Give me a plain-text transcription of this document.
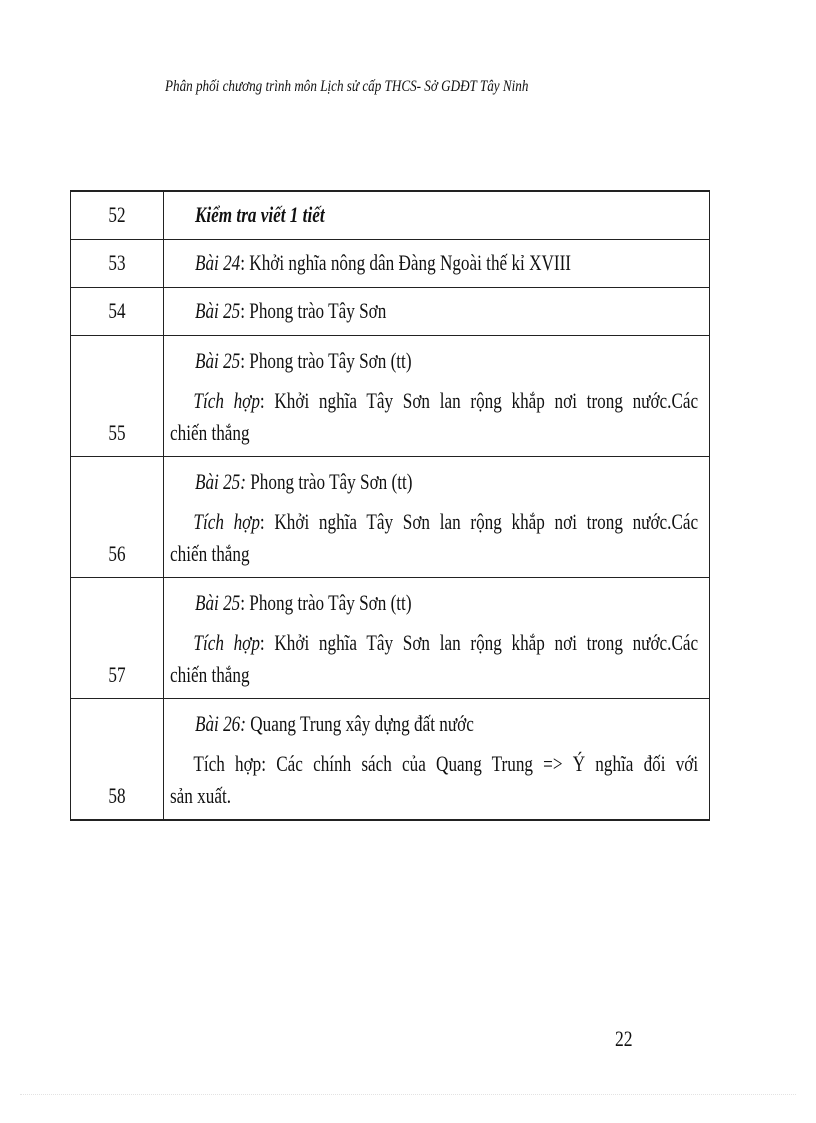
Phân phối chương trình môn Lịch sử cấp THCS- Sở GDĐT Tây Ninh
52	Kiểm tra viết 1 tiết

53	Bài 24: Khởi nghĩa nông dân Đàng Ngoài thế kỉ XVIII

54	Bài 25: Phong trào Tây Sơn

55	Bài 25: Phong trào Tây Sơn (tt)
Tích hợp: Khởi nghĩa Tây Sơn lan rộng khắp nơi trong nước.Các
chiến thắng

56	Bài 25: Phong trào Tây Sơn (tt)
Tích hợp: Khởi nghĩa Tây Sơn lan rộng khắp nơi trong nước.Các
chiến thắng

57	Bài 25: Phong trào Tây Sơn (tt)
Tích hợp: Khởi nghĩa Tây Sơn lan rộng khắp nơi trong nước.Các
chiến thắng

58	Bài 26: Quang Trung xây dựng đất nước
Tích hợp: Các chính sách của Quang Trung => Ý nghĩa đối với
sản xuất.
22
